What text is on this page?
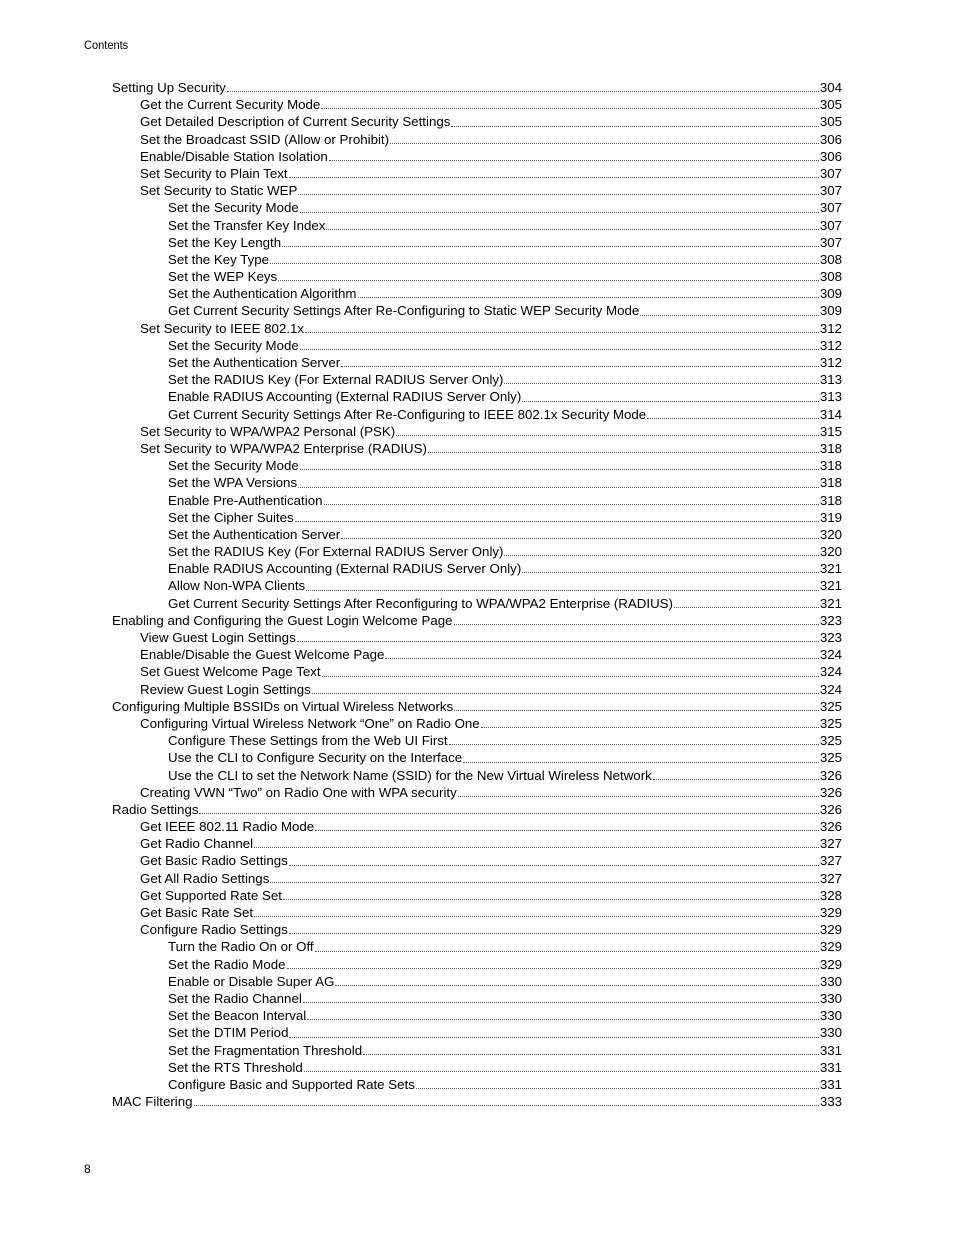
Contents
Setting Up Security	304
Get the Current Security Mode	305
Get Detailed Description of Current Security Settings	305
Set the Broadcast SSID (Allow or Prohibit)	306
Enable/Disable Station Isolation	306
Set Security to Plain Text	307
Set Security to Static WEP	307
Set the Security Mode	307
Set the Transfer Key Index	307
Set the Key Length	307
Set the Key Type	308
Set the WEP Keys	308
Set the Authentication Algorithm	309
Get Current Security Settings After Re-Configuring to Static WEP Security Mode	309
Set Security to IEEE 802.1x	312
Set the Security Mode	312
Set the Authentication Server	312
Set the RADIUS Key (For External RADIUS Server Only)	313
Enable RADIUS Accounting (External RADIUS Server Only)	313
Get Current Security Settings After Re-Configuring to IEEE 802.1x Security Mode	314
Set Security to WPA/WPA2 Personal (PSK)	315
Set Security to WPA/WPA2 Enterprise (RADIUS)	318
Set the Security Mode	318
Set the WPA Versions	318
Enable Pre-Authentication	318
Set the Cipher Suites	319
Set the Authentication Server	320
Set the RADIUS Key (For External RADIUS Server Only)	320
Enable RADIUS Accounting (External RADIUS Server Only)	321
Allow Non-WPA Clients	321
Get Current Security Settings After Reconfiguring to WPA/WPA2 Enterprise (RADIUS)	321
Enabling and Configuring the Guest Login Welcome Page	323
View Guest Login Settings	323
Enable/Disable the Guest Welcome Page	324
Set Guest Welcome Page Text	324
Review Guest Login Settings	324
Configuring Multiple BSSIDs on Virtual Wireless Networks	325
Configuring Virtual Wireless Network “One” on Radio One	325
Configure These Settings from the Web UI First	325
Use the CLI to Configure Security on the Interface	325
Use the CLI to set the Network Name (SSID) for the New Virtual Wireless Network	326
Creating VWN “Two” on Radio One with WPA security	326
Radio Settings	326
Get IEEE 802.11 Radio Mode	326
Get Radio Channel	327
Get Basic Radio Settings	327
Get All Radio Settings	327
Get Supported Rate Set	328
Get Basic Rate Set	329
Configure Radio Settings	329
Turn the Radio On or Off	329
Set the Radio Mode	329
Enable or Disable Super AG	330
Set the Radio Channel	330
Set the Beacon Interval	330
Set the DTIM Period	330
Set the Fragmentation Threshold	331
Set the RTS Threshold	331
Configure Basic and Supported Rate Sets	331
MAC Filtering	333
8
